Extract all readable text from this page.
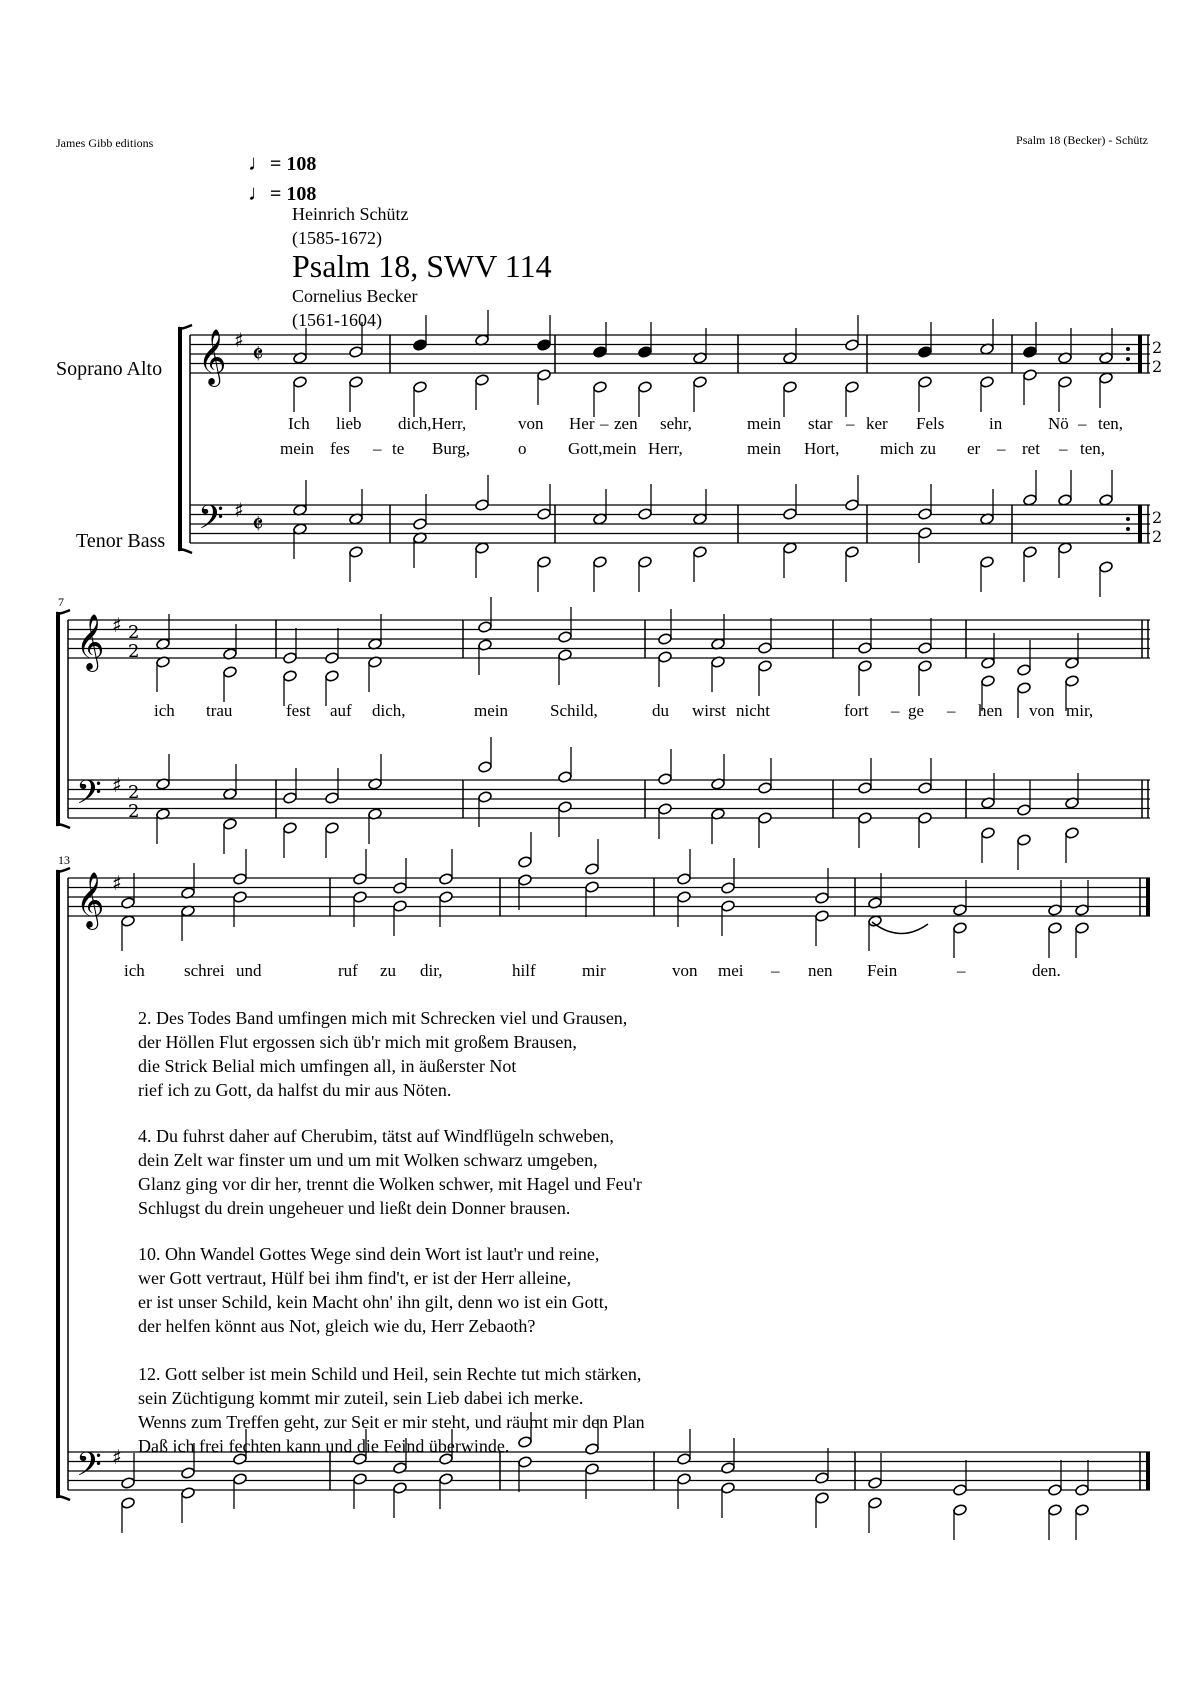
James Gibb editions	Psalm 18 (Becker) - Schütz
♩= 108
♩= 108
Heinrich Schütz
(1585-1672)
Psalm 18, SWV 114
Cornelius Becker
(1561-1604)
Soprano Alto
Tenor Bass
7
13
𝄞
𝄢
♯
♯
𝄵
𝄵
𝄞
𝄢
♯
♯
2
2
2
2
𝄞
𝄢
♯
♯
2
2
2
2
Ich lieb dich,Herr,	von Her – zen sehr,	mein star – ker Fels	in	Nö – ten,
mein fes – te Burg,	o Gott,mein Herr,	mein Hort, mich zu er – ret – ten,
ich trau	fest auf dich,	mein Schild,	du wirst nicht	fort – ge – hen von mir,
ich schrei und	ruf zu dir,	hilf	mir	von mei – nen Fein	–	den.
2. Des Todes Band umfingen mich mit Schrecken viel und Grausen,
der Höllen Flut ergossen sich üb'r mich mit großem Brausen,
die Strick Belial mich umfingen all, in äußerster Not
rief ich zu Gott, da halfst du mir aus Nöten.
4. Du fuhrst daher auf Cherubim, tätst auf Windflügeln schweben,
dein Zelt war finster um und um mit Wolken schwarz umgeben,
Glanz ging vor dir her, trennt die Wolken schwer, mit Hagel und Feu'r
Schlugst du drein ungeheuer und ließt dein Donner brausen.
10. Ohn Wandel Gottes Wege sind dein Wort ist laut'r und reine,
wer Gott vertraut, Hülf bei ihm find't, er ist der Herr alleine,
er ist unser Schild, kein Macht ohn' ihn gilt, denn wo ist ein Gott,
der helfen könnt aus Not, gleich wie du, Herr Zebaoth?
12. Gott selber ist mein Schild und Heil, sein Rechte tut mich stärken,
sein Züchtigung kommt mir zuteil, sein Lieb dabei ich merke.
Wenns zum Treffen geht, zur Seit er mir steht, und räumt mir den Plan
Daß ich frei fechten kann und die Feind überwinde.
